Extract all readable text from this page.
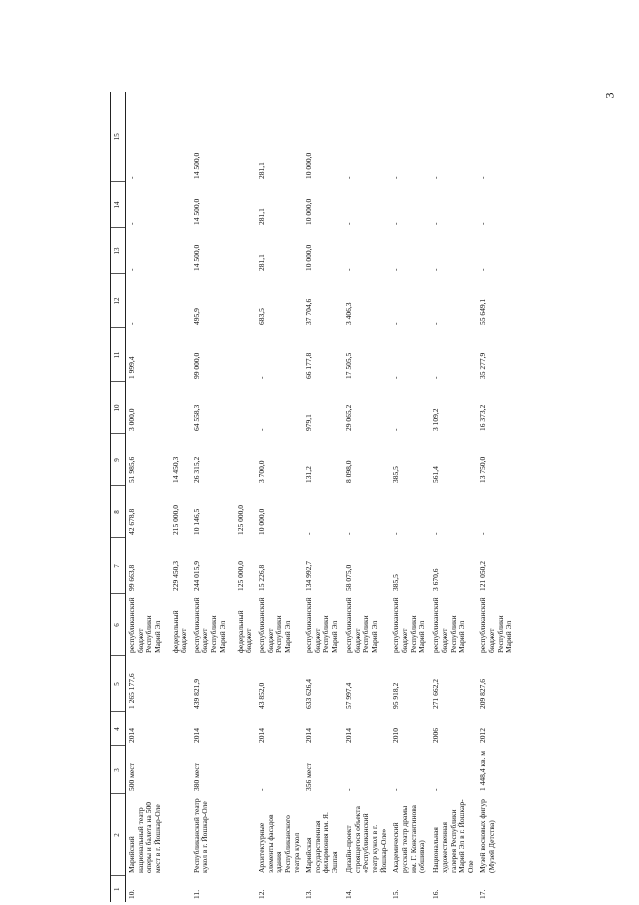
3
1	2	3	4	5	6	7	8	9	10	11	12	13	14	15
10.	Марийский национальный театр оперы и балета на 500 мест в г. Йошкар-Оле	500 мест	2014	1 265 177,6	республиканский бюджет Республики Марий Эл	99 663,8	42 678,8	51 985,6	3 000,0	1 999,4	-	-	-	-
					федеральный бюджет	229 450,3	215 000,0	14 450,3						
11.	Республиканский театр кукол в г. Йошкар-Оле	380 мест	2014	439 821,9	республиканский бюджет Республики Марий Эл	244 015,9	10 146,5	26 315,2	64 558,3	99 000,0	495,9	14 500,0	14 500,0	14 500,0
					федеральный бюджет	125 000,0	125 000,0							
12.	Архитектурные элементы фасадов здания Республиканского театра кукол	-	2014	43 852,0	республиканский бюджет Республики Марий Эл	15 226,8	10 000,0	3 700,0	-	-	683,5	281,1	281,1	281,1
13.	Марийская государственная филармония им. Я. Эшпая	356 мест	2014	633 626,4	республиканский бюджет Республики Марий Эл	134 992,7	-	131,2	979,1	66 177,8	37 704,6	10 000,0	10 000,0	10 000,0
14.	Дизайн-проект строящегося объекта «Республиканский театр кукол в г. Йошкар-Оле»	-	2014	57 997,4	республиканский бюджет Республики Марий Эл	58 075,0	-	8 098,0	29 065,2	17 505,5	3 406,3	-	-	-
15.	Академический русский театр драмы им. Г. Константинова (обшивка)	-	2010	95 918,2	республиканский бюджет Республики Марий Эл	385,5	-	385,5	-	-	-	-	-	-
16.	Национальная художественная галерея Республики Марий Эл в г. Йошкар-Оле	-	2006	271 662,2	республиканский бюджет Республики Марий Эл	3 670,6	-	561,4	3 109,2	-	-	-	-	-
17.	Музей восковых фигур (Музей Детства)	1 448,4 кв. м	2012	209 827,6	республиканский бюджет Республики Марий Эл	121 050,2	-	13 750,0	16 373,2	35 277,9	55 649,1	-	-	-
